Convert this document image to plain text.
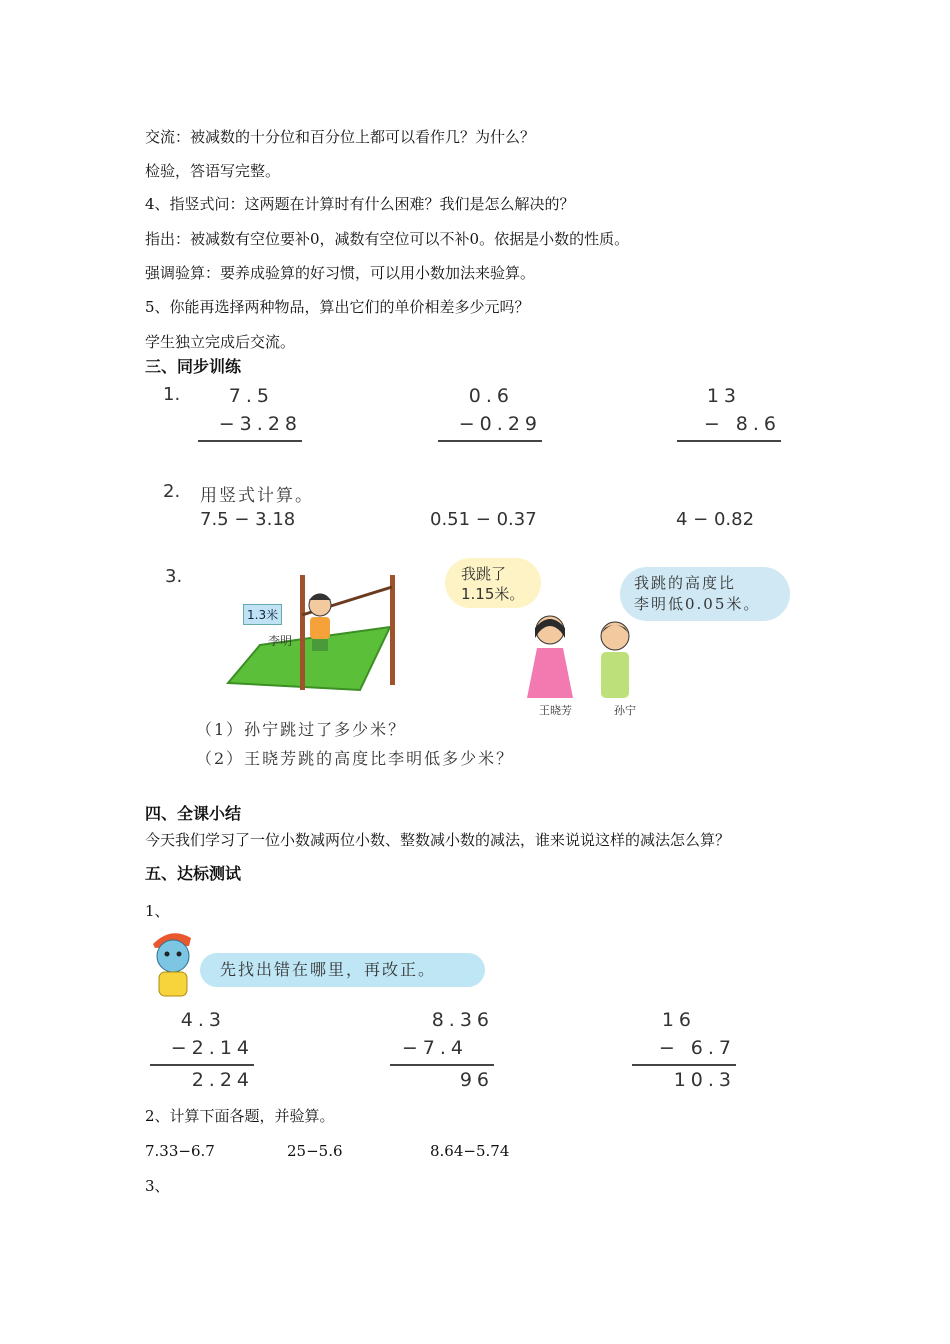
交流：被减数的十分位和百分位上都可以看作几？为什么？
检验，答语写完整。
4、指竖式问：这两题在计算时有什么困难？我们是怎么解决的？
指出：被减数有空位要补0，减数有空位可以不补0。依据是小数的性质。
强调验算：要养成验算的好习惯，可以用小数加法来验算。
5、你能再选择两种物品，算出它们的单价相差多少元吗？
学生独立完成后交流。
三、同步训练
1.	7.5
−3.28
0.6
−0.29
13
− 8.6
2. 用竖式计算。
7.5 − 3.18	0.51 − 0.37	4 − 0.82
3.
1.3米
李明
我跳了
1.15米。
我跳的高度比
李明低0.05米。
王晓芳	孙宁
（1）孙宁跳过了多少米？
（2）王晓芳跳的高度比李明低多少米？
四、全课小结
今天我们学习了一位小数减两位小数、整数减小数的减法，谁来说说这样的减法怎么算？
五、达标测试
1、
先找出错在哪里，再改正。
4.3
−2.14
2.24
8.36
−7.4
96
16
− 6.7
10.3
2、计算下面各题，并验算。
7.33−6.7	25−5.6	8.64−5.74
3、
